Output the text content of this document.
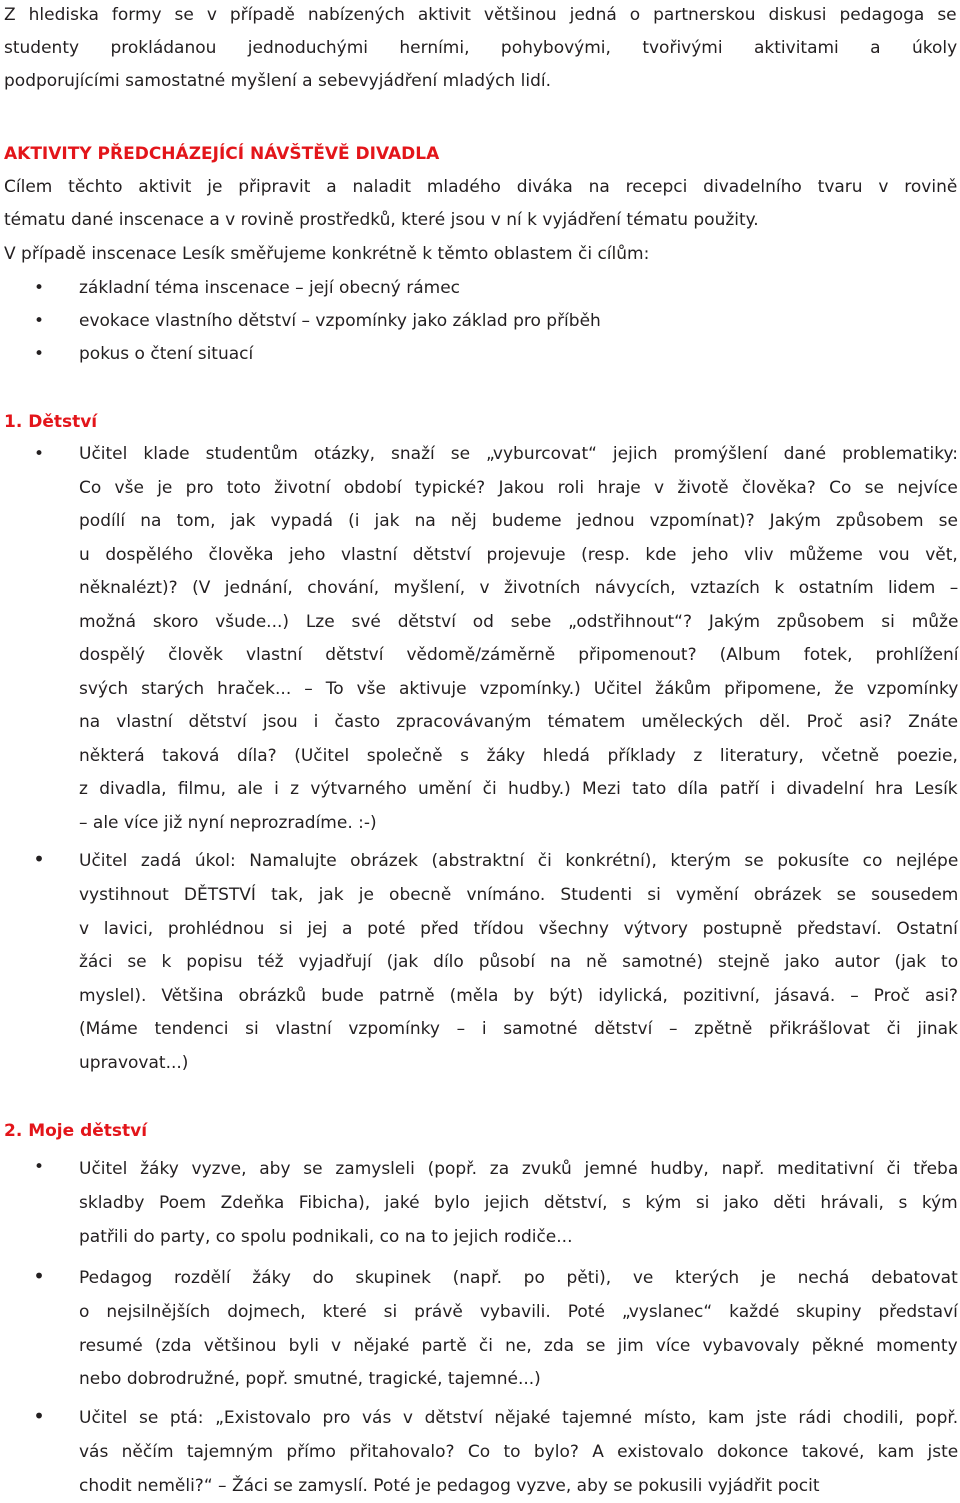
Z hlediska formy se v případě nabízených aktivit většinou jedná o partnerskou diskusi pedagoga se
studenty prokládanou jednoduchými herními, pohybovými, tvořivými aktivitami a úkoly
podporujícími samostatné myšlení a sebevyjádření mladých lidí.

AKTIVITY PŘEDCHÁZEJÍCÍ NÁVŠTĚVĚ DIVADLA

Cílem těchto aktivit je připravit a naladit mladého diváka na recepci divadelního tvaru v rovině
tématu dané inscenace a v rovině prostředků, které jsou v ní k vyjádření tématu použity.

V případě inscenace Lesík směřujeme konkrétně k těmto oblastem či cílům:

• základní téma inscenace – její obecný rámec

• evokace vlastního dětství – vzpomínky jako základ pro příběh

• pokus o čtení situací

1. Dětství
• Učitel klade studentům otázky, snaží se „vyburcovat“ jejich promýšlení dané problematiky:
Co vše je pro toto životní období typické? Jakou roli hraje v životě člověka? Co se nejvíce
podílí na tom, jak vypadá (i jak na něj budeme jednou vzpomínat)? Jakým způsobem se
u dospělého člověka jeho vlastní dětství projevuje (resp. kde jeho vliv můžeme vou vět,
něknalézt)? (V jednání, chování, myšlení, v životních návycích, vztazích k ostatním lidem –
možná skoro všude...) Lze své dětství od sebe „odstřihnout“? Jakým způsobem si může
dospělý člověk vlastní dětství vědomě/záměrně připomenout? (Album fotek, prohlížení
svých starých hraček... – To vše aktivuje vzpomínky.) Učitel žákům připomene, že vzpomínky
na vlastní dětství jsou i často zpracovávaným tématem uměleckých děl. Proč asi? Znáte
některá taková díla? (Učitel společně s žáky hledá příklady z literatury, včetně poezie,
z divadla, filmu, ale i z výtvarného umění či hudby.) Mezi tato díla patří i divadelní hra Lesík
– ale více již nyní neprozradíme. :-)

• Učitel zadá úkol: Namalujte obrázek (abstraktní či konkrétní), kterým se pokusíte co nejlépe
vystihnout DĚTSTVÍ tak, jak je obecně vnímáno. Studenti si vymění obrázek se sousedem
v lavici, prohlédnou si jej a poté před třídou všechny výtvory postupně představí. Ostatní
žáci se k popisu též vyjadřují (jak dílo působí na ně samotné) stejně jako autor (jak to
myslel). Většina obrázků bude patrně (měla by být) idylická, pozitivní, jásavá. – Proč asi?
(Máme tendenci si vlastní vzpomínky – i samotné dětství – zpětně přikrášlovat či jinak
upravovat...)

2. Moje dětství
• Učitel žáky vyzve, aby se zamysleli (popř. za zvuků jemné hudby, např. meditativní či třeba
skladby Poem Zdeňka Fibicha), jaké bylo jejich dětství, s kým si jako děti hrávali, s kým
patřili do party, co spolu podnikali, co na to jejich rodiče...

• Pedagog rozdělí žáky do skupinek (např. po pěti), ve kterých je nechá debatovat
o nejsilnějších dojmech, které si právě vybavili. Poté „vyslanec“ každé skupiny představí
resumé (zda většinou byli v nějaké partě či ne, zda se jim více vybavovaly pěkné momenty
nebo dobrodružné, popř. smutné, tragické, tajemné...)

• Učitel se ptá: „Existovalo pro vás v dětství nějaké tajemné místo, kam jste rádi chodili, popř.
vás něčím tajemným přímo přitahovalo? Co to bylo? A existovalo dokonce takové, kam jste
chodit neměli?“ – Žáci se zamyslí. Poté je pedagog vyzve, aby se pokusili vyjádřit pocit
